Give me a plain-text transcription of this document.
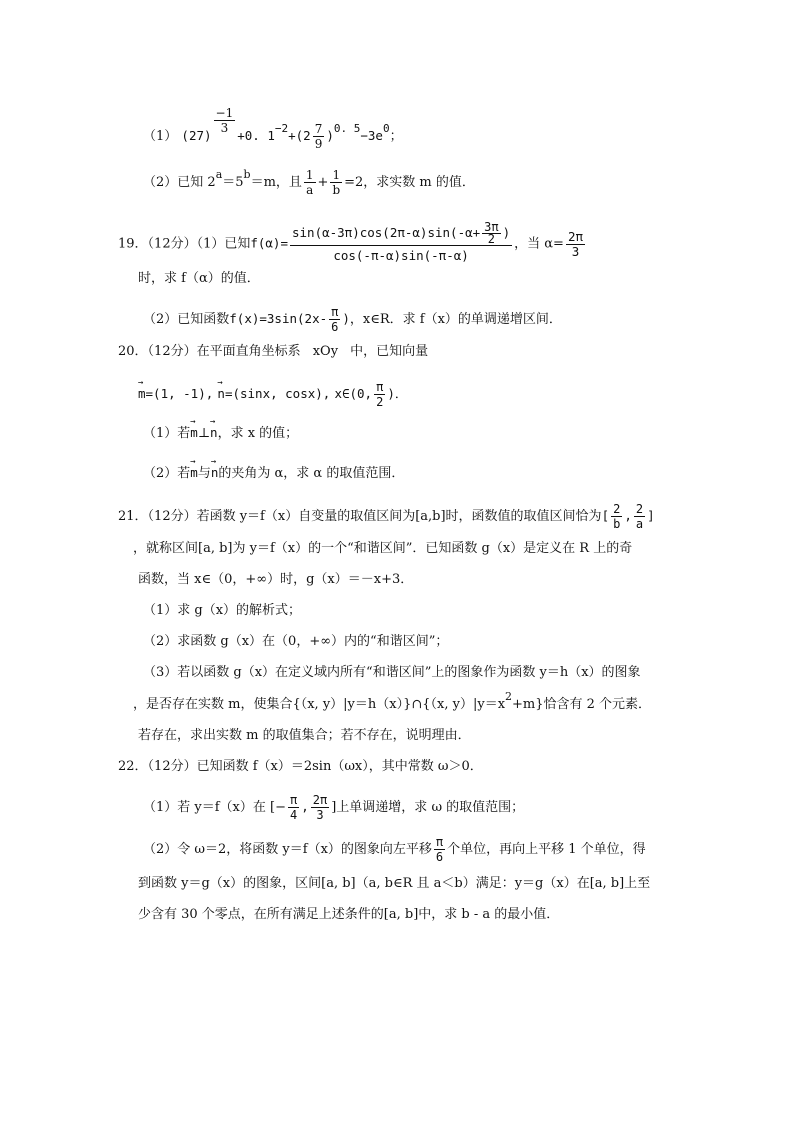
（1） (27)
$\frac{-1}{3}$
+0. $1^{-2}+(2 \frac{7}{9} )^{0. 5}-3e^0$；
（2）已知 $2^a=5^b=m$，且 $\frac{1}{a} + \frac{1}{b} =2$，求实数 m 的值．
19．（12分）（1）已知$f(\alpha)= \frac{\sin(\alpha-3\pi)\cos(2\pi-\alpha)\sin(-\alpha+ \frac{3\pi}{2} )}{\cos(-\pi-\alpha)\sin(-\pi-\alpha)}$ ，当 $\alpha= \frac{2\pi}{3}$
时，求 f（α）的值．
（2）已知函数$f(x)=3\sin(2x- \frac{\pi}{6}$ )，x∈R．求 f（x）的单调递增区间．
20．（12分）在平面直角坐标系 xOy 中，已知向量
→ m=(1, -1), → n=(sinx, cosx), x∈(0, $\frac{\pi}{2}$ )．
（1）若→ m⊥→ n，求 x 的值；
（2）若→ m与→ n的夹角为 α，求 α 的取值范围．
21．（12分）若函数 y＝f（x）自变量的取值区间为[a,b]时，函数值的取值区间恰为[ $\frac{2}{b}$ , $\frac{2}{a}$ ]
，就称区间[a, b]为 y＝f（x）的一个“和谐区间”．已知函数 g（x）是定义在 R 上的奇
函数，当 x∈（0，+∞）时，g（x）＝－x+3．
（1）求 g（x）的解析式；
（2）求函数 g（x）在（0，+∞）内的“和谐区间”；
（3）若以函数 g（x）在定义域内所有“和谐区间”上的图象作为函数 y＝h（x）的图象
，是否存在实数 m，使集合{（x, y）|y＝h（x）}∩{（x, $y)|y=x^2+m$}恰含有 2 个元素．
若存在，求出实数 m 的取值集合；若不存在，说明理由．
22．（12分）已知函数 f（x）＝2sin（ωx），其中常数 ω＞0．
（1）若 y＝f（x）在 [− $\frac{\pi}{4}$ , $\frac{2\pi}{3}$ ]上单调递增，求 ω 的取值范围；
（2）令 ω＝2，将函数 y＝f（x）的图象向左平移 $\frac{\pi}{6}$ 个单位，再向上平移 1 个单位，得
到函数 y＝g（x）的图象，区间[a, b]（a, b∈R 且 a＜b）满足：y＝g（x）在[a, b]上至
少含有 30 个零点，在所有满足上述条件的[a, b]中，求 b - a 的最小值．
